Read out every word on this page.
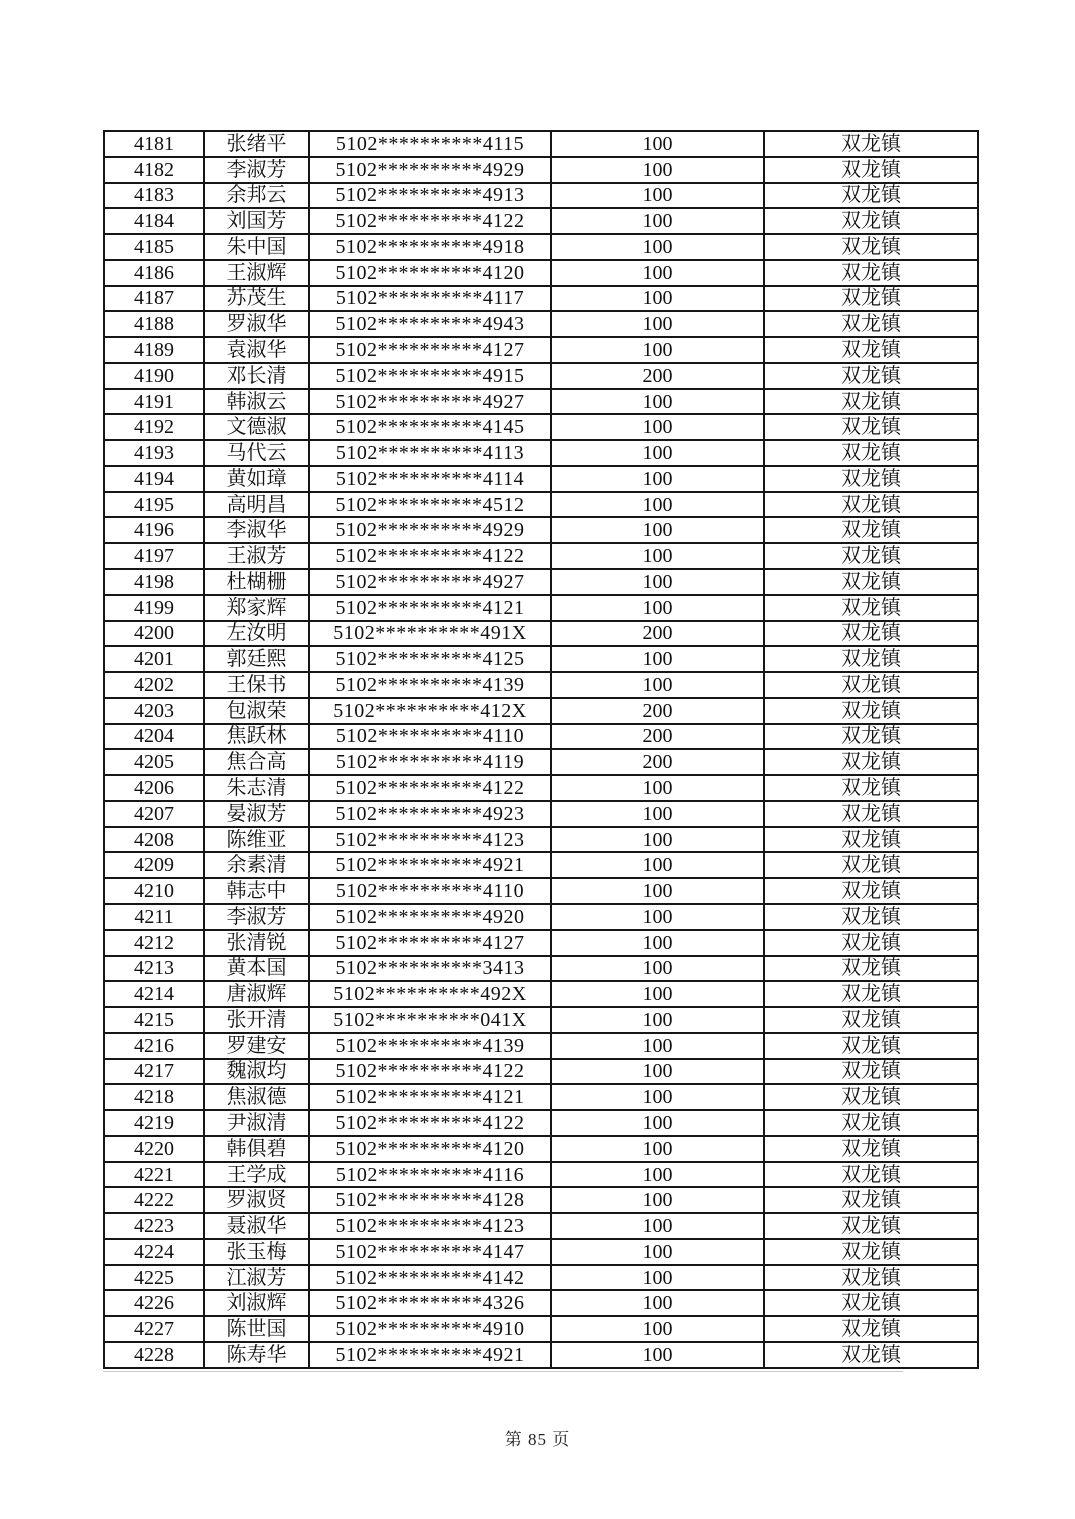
4181	张绪平	5102**********4115	100	双龙镇
4182	李淑芳	5102**********4929	100	双龙镇
4183	余邦云	5102**********4913	100	双龙镇
4184	刘国芳	5102**********4122	100	双龙镇
4185	朱中国	5102**********4918	100	双龙镇
4186	王淑辉	5102**********4120	100	双龙镇
4187	苏茂生	5102**********4117	100	双龙镇
4188	罗淑华	5102**********4943	100	双龙镇
4189	袁淑华	5102**********4127	100	双龙镇
4190	邓长清	5102**********4915	200	双龙镇
4191	韩淑云	5102**********4927	100	双龙镇
4192	文德淑	5102**********4145	100	双龙镇
4193	马代云	5102**********4113	100	双龙镇
4194	黄如璋	5102**********4114	100	双龙镇
4195	高明昌	5102**********4512	100	双龙镇
4196	李淑华	5102**********4929	100	双龙镇
4197	王淑芳	5102**********4122	100	双龙镇
4198	杜楜栅	5102**********4927	100	双龙镇
4199	郑家辉	5102**********4121	100	双龙镇
4200	左汝明	5102**********491X	200	双龙镇
4201	郭廷熙	5102**********4125	100	双龙镇
4202	王保书	5102**********4139	100	双龙镇
4203	包淑荣	5102**********412X	200	双龙镇
4204	焦跃林	5102**********4110	200	双龙镇
4205	焦合高	5102**********4119	200	双龙镇
4206	朱志清	5102**********4122	100	双龙镇
4207	晏淑芳	5102**********4923	100	双龙镇
4208	陈维亚	5102**********4123	100	双龙镇
4209	余素清	5102**********4921	100	双龙镇
4210	韩志中	5102**********4110	100	双龙镇
4211	李淑芳	5102**********4920	100	双龙镇
4212	张清锐	5102**********4127	100	双龙镇
4213	黄本国	5102**********3413	100	双龙镇
4214	唐淑辉	5102**********492X	100	双龙镇
4215	张开清	5102**********041X	100	双龙镇
4216	罗建安	5102**********4139	100	双龙镇
4217	魏淑均	5102**********4122	100	双龙镇
4218	焦淑德	5102**********4121	100	双龙镇
4219	尹淑清	5102**********4122	100	双龙镇
4220	韩俱碧	5102**********4120	100	双龙镇
4221	王学成	5102**********4116	100	双龙镇
4222	罗淑贤	5102**********4128	100	双龙镇
4223	聂淑华	5102**********4123	100	双龙镇
4224	张玉梅	5102**********4147	100	双龙镇
4225	江淑芳	5102**********4142	100	双龙镇
4226	刘淑辉	5102**********4326	100	双龙镇
4227	陈世国	5102**********4910	100	双龙镇
4228	陈寿华	5102**********4921	100	双龙镇
第 85 页
